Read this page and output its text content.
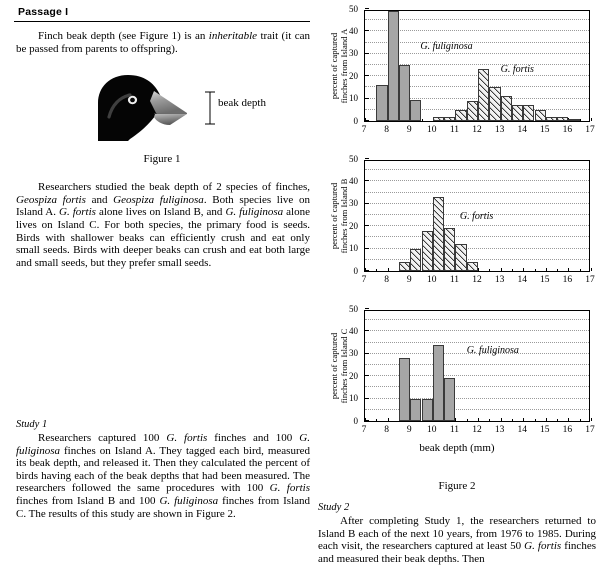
Passage I

Finch beak depth (see Figure 1) is an inheritable trait (it can be passed from parents to offspring).

beak depth
Figure 1

Researchers studied the beak depth of 2 species of finches, Geospiza fortis and Geospiza fuliginosa. Both species live on Island A. G. fortis alone lives on Island B, and G. fuliginosa alone lives on Island C. For both species, the primary food is seeds. Birds with shallower beaks can efficiently crush and eat only small seeds. Birds with deeper beaks can crush and eat both large and small seeds, but they prefer small seeds.

Study 1

Researchers captured 100 G. fortis finches and 100 G. fuliginosa finches on Island A. They tagged each bird, measured its beak depth, and released it. Then they calculated the percent of birds having each of the beak depths that had been measured. The researchers followed the same procedures with 100 G. fortis finches from Island B and 100 G. fuliginosa finches from Island C. The results of this study are shown in Figure 2.

0
10
20
30
40
50
G. fuliginosa
G. fortis
7	8	9	10 11 12 13 14 15 16 17
percent of captured
finches from Island A
0
10
20
30
40
50
G. fortis
7	8	9	10 11 12 13 14 15 16 17
percent of captured
finches from Island B
0
10
20
30
40
50
G. fuliginosa
7	8	9	10 11 12 13 14 15 16 17
percent of captured
finches from Island C
beak depth (mm)
Figure 2
Study 2

After completing Study 1, the researchers returned to Island B each of the next 10 years, from 1976 to 1985. During each visit, the researchers captured at least 50 G. fortis finches and measured their beak depths. Then
